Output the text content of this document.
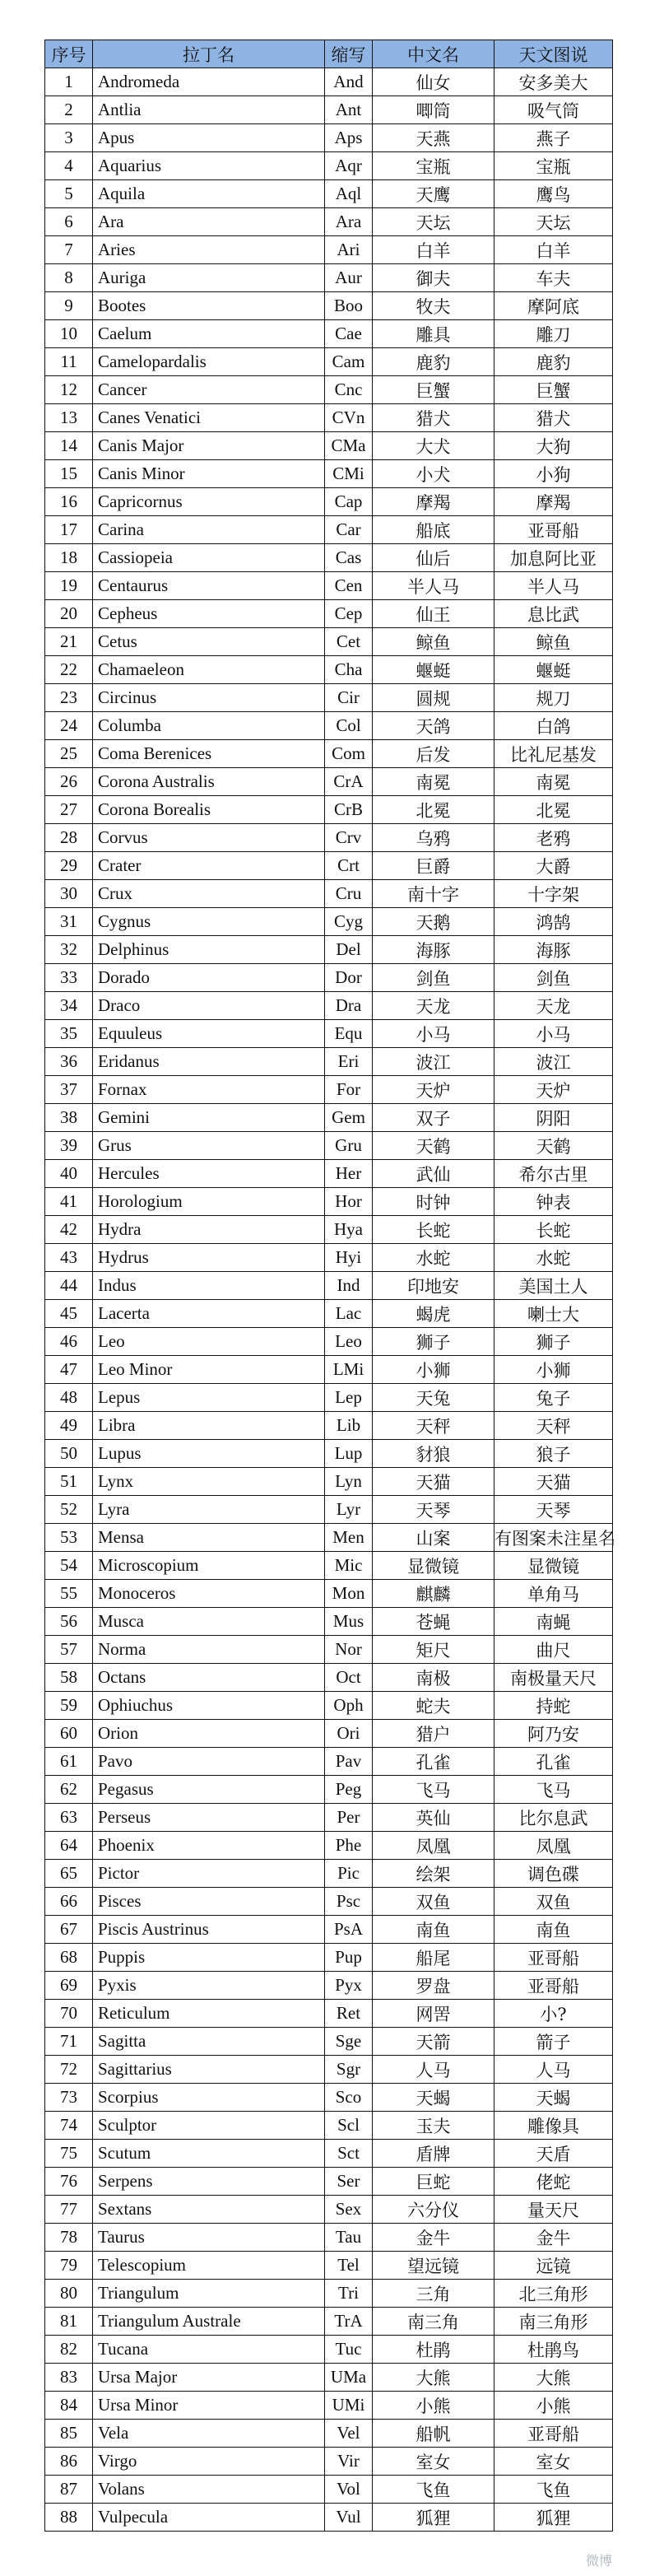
序号	拉丁名	缩写	中文名	天文图说
1	Andromeda	And	仙女	安多美大
2	Antlia	Ant	唧筒	吸气筒
3	Apus	Aps	天燕	燕子
4	Aquarius	Aqr	宝瓶	宝瓶
5	Aquila	Aql	天鹰	鹰鸟
6	Ara	Ara	天坛	天坛
7	Aries	Ari	白羊	白羊
8	Auriga	Aur	御夫	车夫
9	Bootes	Boo	牧夫	摩阿底
10	Caelum	Cae	雕具	雕刀
11	Camelopardalis	Cam	鹿豹	鹿豹
12	Cancer	Cnc	巨蟹	巨蟹
13	Canes Venatici	CVn	猎犬	猎犬
14	Canis Major	CMa	大犬	大狗
15	Canis Minor	CMi	小犬	小狗
16	Capricornus	Cap	摩羯	摩羯
17	Carina	Car	船底	亚哥船
18	Cassiopeia	Cas	仙后	加息阿比亚
19	Centaurus	Cen	半人马	半人马
20	Cepheus	Cep	仙王	息比武
21	Cetus	Cet	鲸鱼	鲸鱼
22	Chamaeleon	Cha	蝘蜓	蝘蜓
23	Circinus	Cir	圆规	规刀
24	Columba	Col	天鸽	白鸽
25	Coma Berenices	Com	后发	比礼尼基发
26	Corona Australis	CrA	南冕	南冕
27	Corona Borealis	CrB	北冕	北冕
28	Corvus	Crv	乌鸦	老鸦
29	Crater	Crt	巨爵	大爵
30	Crux	Cru	南十字	十字架
31	Cygnus	Cyg	天鹅	鸿鹄
32	Delphinus	Del	海豚	海豚
33	Dorado	Dor	剑鱼	剑鱼
34	Draco	Dra	天龙	天龙
35	Equuleus	Equ	小马	小马
36	Eridanus	Eri	波江	波江
37	Fornax	For	天炉	天炉
38	Gemini	Gem	双子	阴阳
39	Grus	Gru	天鹤	天鹤
40	Hercules	Her	武仙	希尔古里
41	Horologium	Hor	时钟	钟表
42	Hydra	Hya	长蛇	长蛇
43	Hydrus	Hyi	水蛇	水蛇
44	Indus	Ind	印地安	美国土人
45	Lacerta	Lac	蝎虎	喇士大
46	Leo	Leo	狮子	狮子
47	Leo Minor	LMi	小狮	小狮
48	Lepus	Lep	天兔	兔子
49	Libra	Lib	天秤	天秤
50	Lupus	Lup	豺狼	狼子
51	Lynx	Lyn	天猫	天猫
52	Lyra	Lyr	天琴	天琴
53	Mensa	Men	山案	有图案未注星名
54	Microscopium	Mic	显微镜	显微镜
55	Monoceros	Mon	麒麟	单角马
56	Musca	Mus	苍蝇	南蝇
57	Norma	Nor	矩尺	曲尺
58	Octans	Oct	南极	南极量天尺
59	Ophiuchus	Oph	蛇夫	持蛇
60	Orion	Ori	猎户	阿乃安
61	Pavo	Pav	孔雀	孔雀
62	Pegasus	Peg	飞马	飞马
63	Perseus	Per	英仙	比尔息武
64	Phoenix	Phe	凤凰	凤凰
65	Pictor	Pic	绘架	调色碟
66	Pisces	Psc	双鱼	双鱼
67	Piscis Austrinus	PsA	南鱼	南鱼
68	Puppis	Pup	船尾	亚哥船
69	Pyxis	Pyx	罗盘	亚哥船
70	Reticulum	Ret	网罟	小?
71	Sagitta	Sge	天箭	箭子
72	Sagittarius	Sgr	人马	人马
73	Scorpius	Sco	天蝎	天蝎
74	Sculptor	Scl	玉夫	雕像具
75	Scutum	Sct	盾牌	天盾
76	Serpens	Ser	巨蛇	佬蛇
77	Sextans	Sex	六分仪	量天尺
78	Taurus	Tau	金牛	金牛
79	Telescopium	Tel	望远镜	远镜
80	Triangulum	Tri	三角	北三角形
81	Triangulum Australe	TrA	南三角	南三角形
82	Tucana	Tuc	杜鹃	杜鹃鸟
83	Ursa Major	UMa	大熊	大熊
84	Ursa Minor	UMi	小熊	小熊
85	Vela	Vel	船帆	亚哥船
86	Virgo	Vir	室女	室女
87	Volans	Vol	飞鱼	飞鱼
88	Vulpecula	Vul	狐狸	狐狸
微博
